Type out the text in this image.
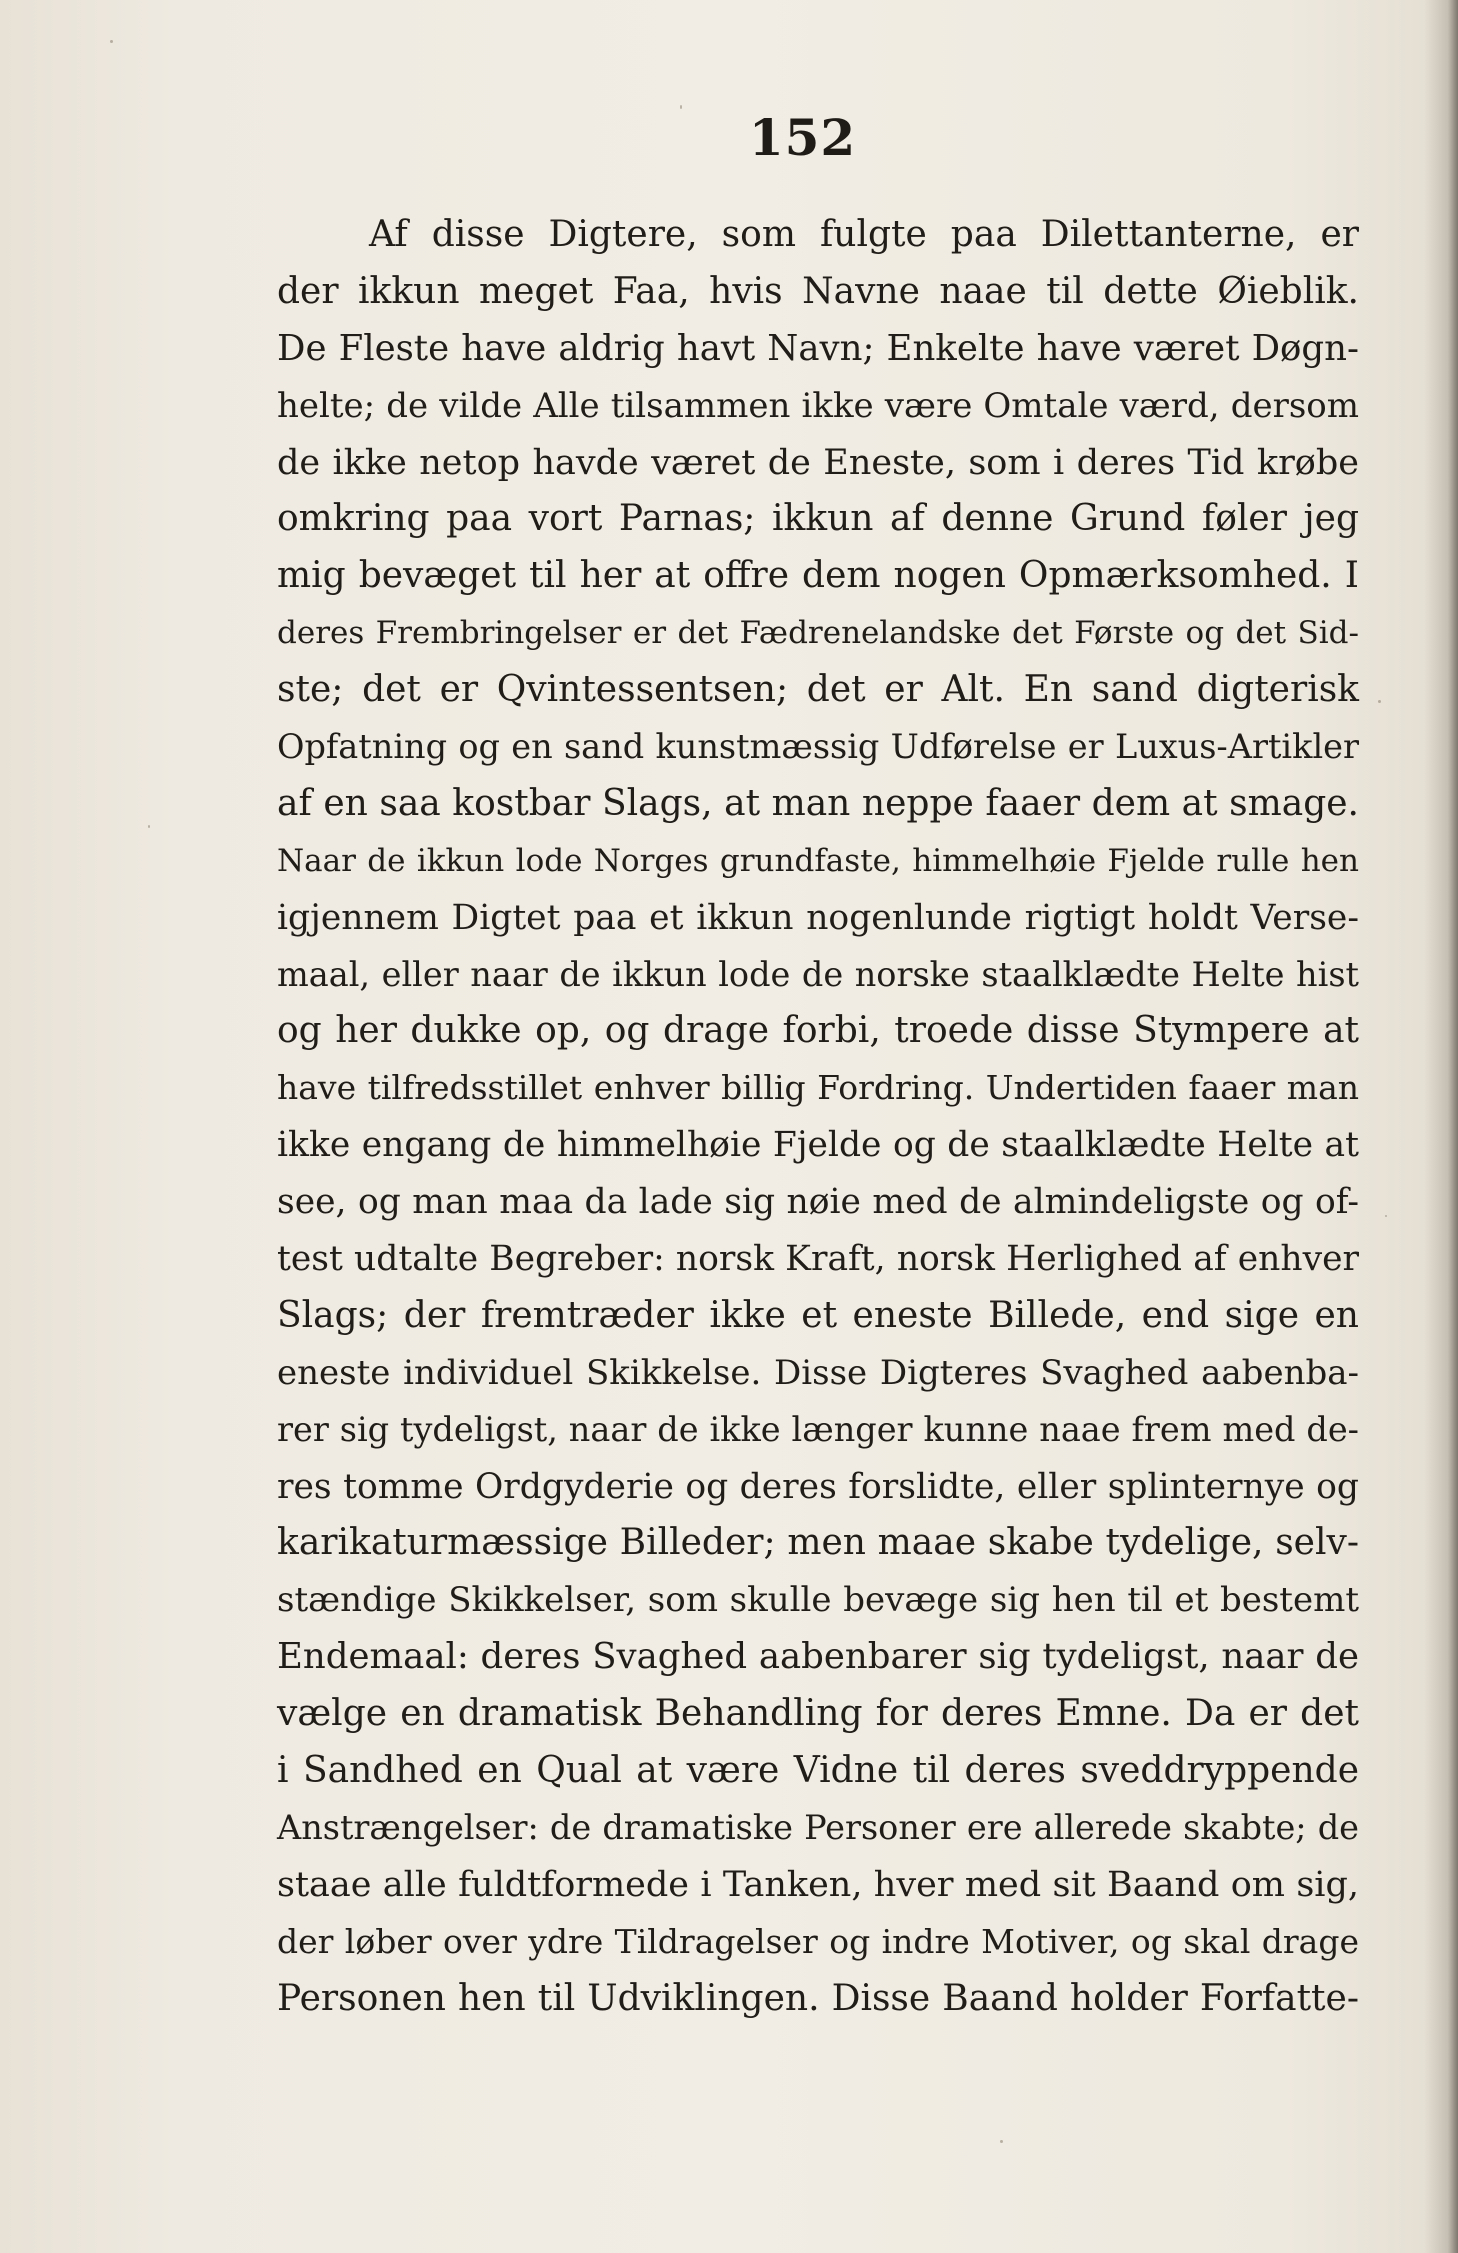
152
Af disse Digtere, som fulgte paa Dilettanterne, er
der ikkun meget Faa, hvis Navne naae til dette Øieblik.
De Fleste have aldrig havt Navn; Enkelte have været Døgn-
helte; de vilde Alle tilsammen ikke være Omtale værd, dersom
de ikke netop havde været de Eneste, som i deres Tid krøbe
omkring paa vort Parnas; ikkun af denne Grund føler jeg
mig bevæget til her at offre dem nogen Opmærksomhed. I
deres Frembringelser er det Fædrenelandske det Første og det Sid-
ste; det er Qvintessentsen; det er Alt. En sand digterisk
Opfatning og en sand kunstmæssig Udførelse er Luxus-Artikler
af en saa kostbar Slags, at man neppe faaer dem at smage.
Naar de ikkun lode Norges grundfaste, himmelhøie Fjelde rulle hen
igjennem Digtet paa et ikkun nogenlunde rigtigt holdt Verse-
maal, eller naar de ikkun lode de norske staalklædte Helte hist
og her dukke op, og drage forbi, troede disse Stympere at
have tilfredsstillet enhver billig Fordring. Undertiden faaer man
ikke engang de himmelhøie Fjelde og de staalklædte Helte at
see, og man maa da lade sig nøie med de almindeligste og of-
test udtalte Begreber: norsk Kraft, norsk Herlighed af enhver
Slags; der fremtræder ikke et eneste Billede, end sige en
eneste individuel Skikkelse. Disse Digteres Svaghed aabenba-
rer sig tydeligst, naar de ikke længer kunne naae frem med de-
res tomme Ordgyderie og deres forslidte, eller splinternye og
karikaturmæssige Billeder; men maae skabe tydelige, selv-
stændige Skikkelser, som skulle bevæge sig hen til et bestemt
Endemaal: deres Svaghed aabenbarer sig tydeligst, naar de
vælge en dramatisk Behandling for deres Emne. Da er det
i Sandhed en Qual at være Vidne til deres sveddryppende
Anstrængelser: de dramatiske Personer ere allerede skabte; de
staae alle fuldtformede i Tanken, hver med sit Baand om sig,
der løber over ydre Tildragelser og indre Motiver, og skal drage
Personen hen til Udviklingen. Disse Baand holder Forfatte-
